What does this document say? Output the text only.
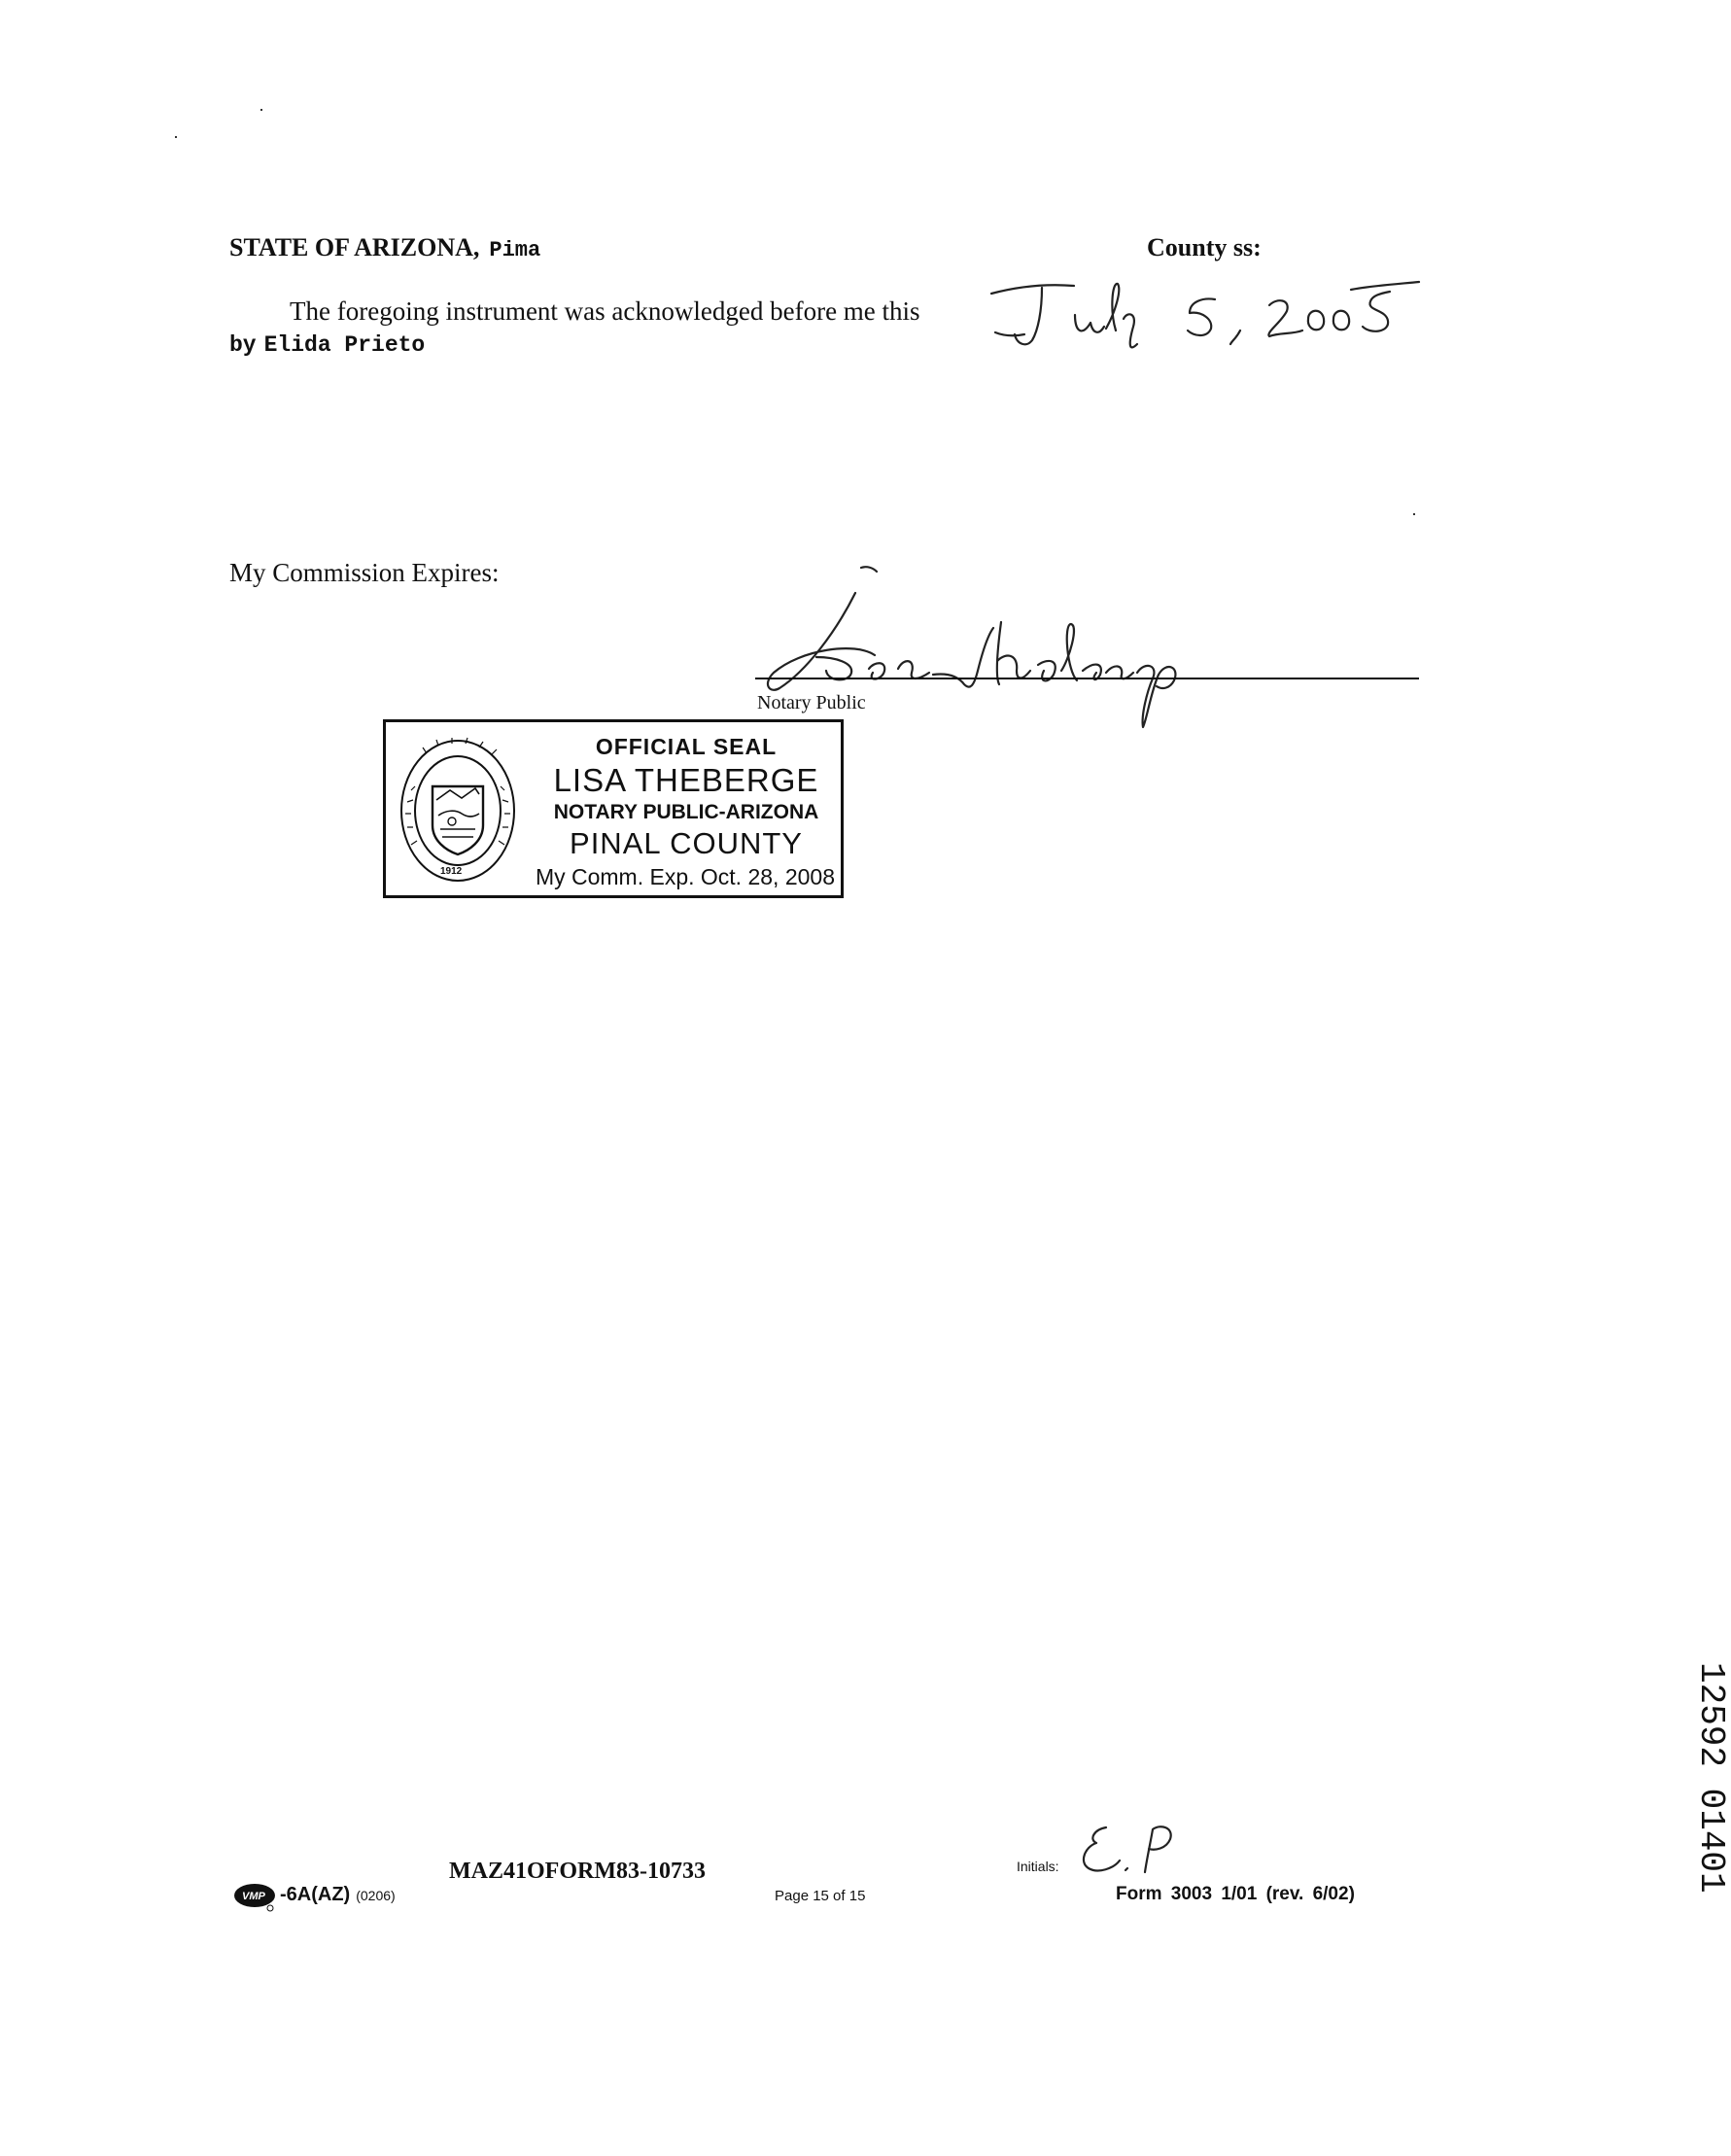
STATE OF ARIZONA, Pima	County ss:
The foregoing instrument was acknowledged before me this
by Elida Prieto
My Commission Expires:
Notary Public
1912
OFFICIAL SEAL
LISA THEBERGE
NOTARY PUBLIC-ARIZONA
PINAL COUNTY
My Comm. Exp. Oct. 28, 2008
12592 01401
VMP -6A(AZ) (0206)
MAZ41OFORM83-10733
Page 15 of 15
Initials:
Form 3003 1/01 (rev. 6/02)
